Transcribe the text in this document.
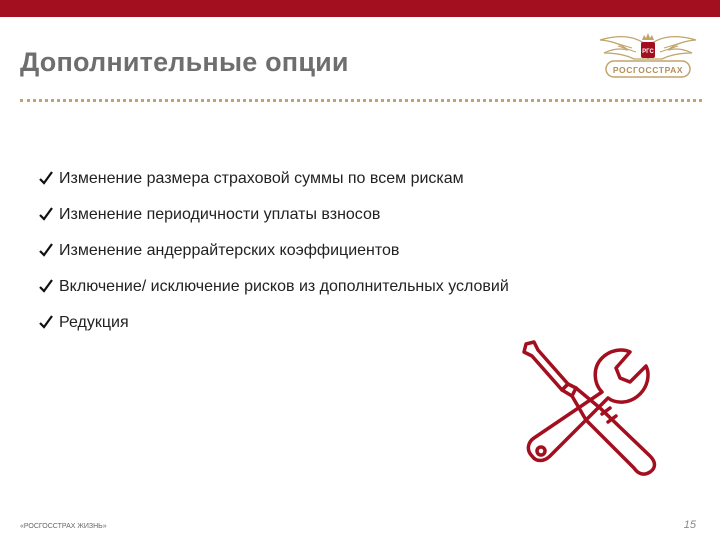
Дополнительные опции	РГС
РОСГОССТРАХ
Изменение размера страховой суммы по всем рискам
Изменение периодичности уплаты взносов
Изменение андеррайтерских коэффициентов
Включение/ исключение рисков из дополнительных условий
Редукция
«РОСГОССТРАХ ЖИЗНЬ»	15
